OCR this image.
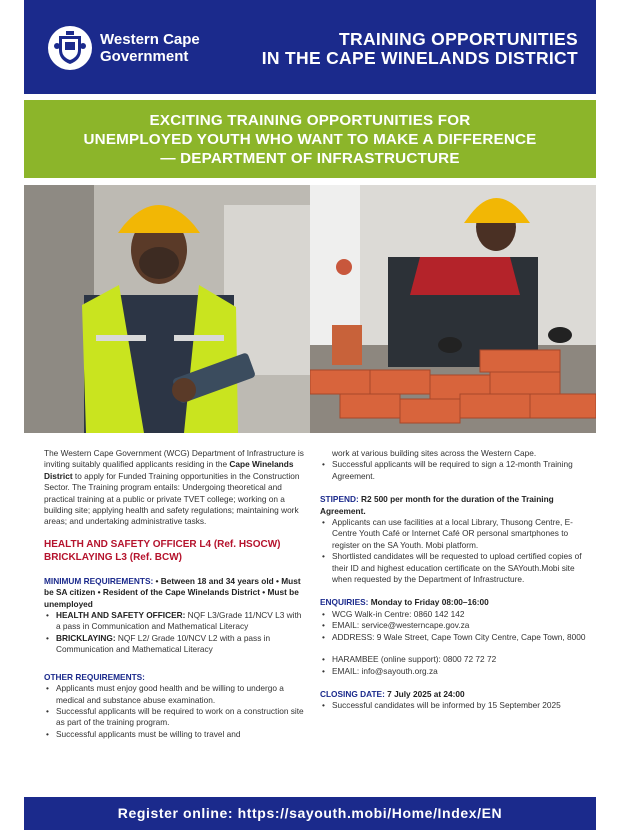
Western Cape
Government
TRAINING OPPORTUNITIES
IN THE CAPE WINELANDS DISTRICT
EXCITING TRAINING OPPORTUNITIES FOR
UNEMPLOYED YOUTH WHO WANT TO MAKE A DIFFERENCE
— DEPARTMENT OF INFRASTRUCTURE

The Western Cape Government (WCG) Department of Infrastructure is inviting suitably qualified applicants residing in the Cape Winelands District to apply for Funded Training opportunities in the Construction Sector. The Training program entails: Undergoing theoretical and practical training at a public or private TVET college; working on a building site; applying health and safety regulations; maintaining work areas; and undertaking administrative tasks.

HEALTH AND SAFETY OFFICER L4 (Ref. HSOCW)
BRICKLAYING L3 (Ref. BCW)

MINIMUM REQUIREMENTS: • Between 18 and 34 years old • Must be SA citizen • Resident of the Cape Winelands District • Must be unemployed

• HEALTH AND SAFETY OFFICER: NQF L3/Grade 11/NCV L3 with a pass in Communication and Mathematical Literacy
• BRICKLAYING: NQF L2/ Grade 10/NCV L2 with a pass in Communication and Mathematical Literacy

OTHER REQUIREMENTS:

• Applicants must enjoy good health and be willing to undergo a medical and substance abuse examination.
• Successful applicants will be required to work on a construction site as part of the training program.
• Successful applicants must be willing to travel and

work at various building sites across the Western Cape.

• Successful applicants will be required to sign a 12-month Training Agreement.

STIPEND: R2 500 per month for the duration of the Training Agreement.

• Applicants can use facilities at a local Library, Thusong Centre, E-Centre Youth Café or Internet Café OR personal smartphones to register on the SA Youth. Mobi platform.
• Shortlisted candidates will be requested to upload certified copies of their ID and highest education certificate on the SAYouth.Mobi site when requested by the Department of Infrastructure.

ENQUIRIES: Monday to Friday 08:00–16:00

• WCG Walk-in Centre: 0860 142 142
• EMAIL: service@westerncape.gov.za
• ADDRESS: 9 Wale Street, Cape Town City Centre, Cape Town, 8000
• HARAMBEE (online support): 0800 72 72 72
• EMAIL: info@sayouth.org.za

CLOSING DATE: 7 July 2025 at 24:00

• Successful candidates will be informed by 15 September 2025
Register online: https://sayouth.mobi/Home/Index/EN
